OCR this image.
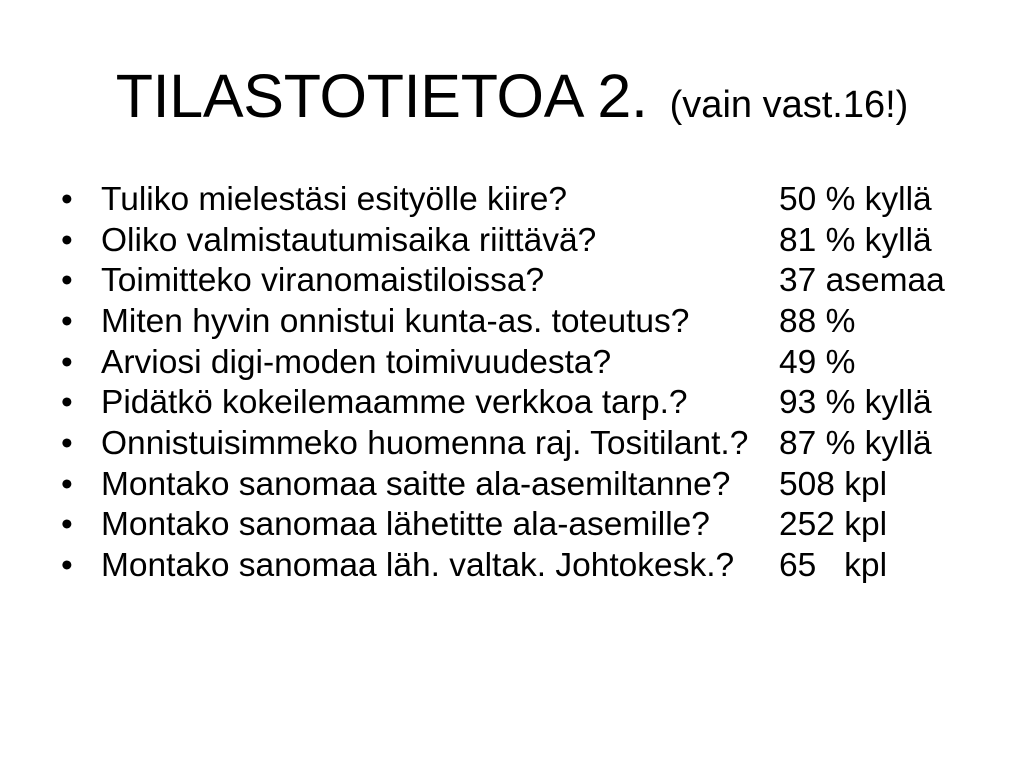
TILASTOTIETOA 2. (vain vast.16!)
• Tuliko mielestäsi esityölle kiire?	50 % kyllä
• Oliko valmistautumisaika riittävä?	81 % kyllä
• Toimitteko viranomaistiloissa?	37 asemaa
• Miten hyvin onnistui kunta-as. toteutus?	88 %
• Arviosi digi-moden toimivuudesta?	49 %
• Pidätkö kokeilemaamme verkkoa tarp.?	93 % kyllä
• Onnistuisimmeko huomenna raj. Tositilant.? 87 % kyllä
• Montako sanomaa saitte ala-asemiltanne? 508 kpl
• Montako sanomaa lähetitte ala-asemille? 252 kpl
• Montako sanomaa läh. valtak. Johtokesk.? 65   kpl
